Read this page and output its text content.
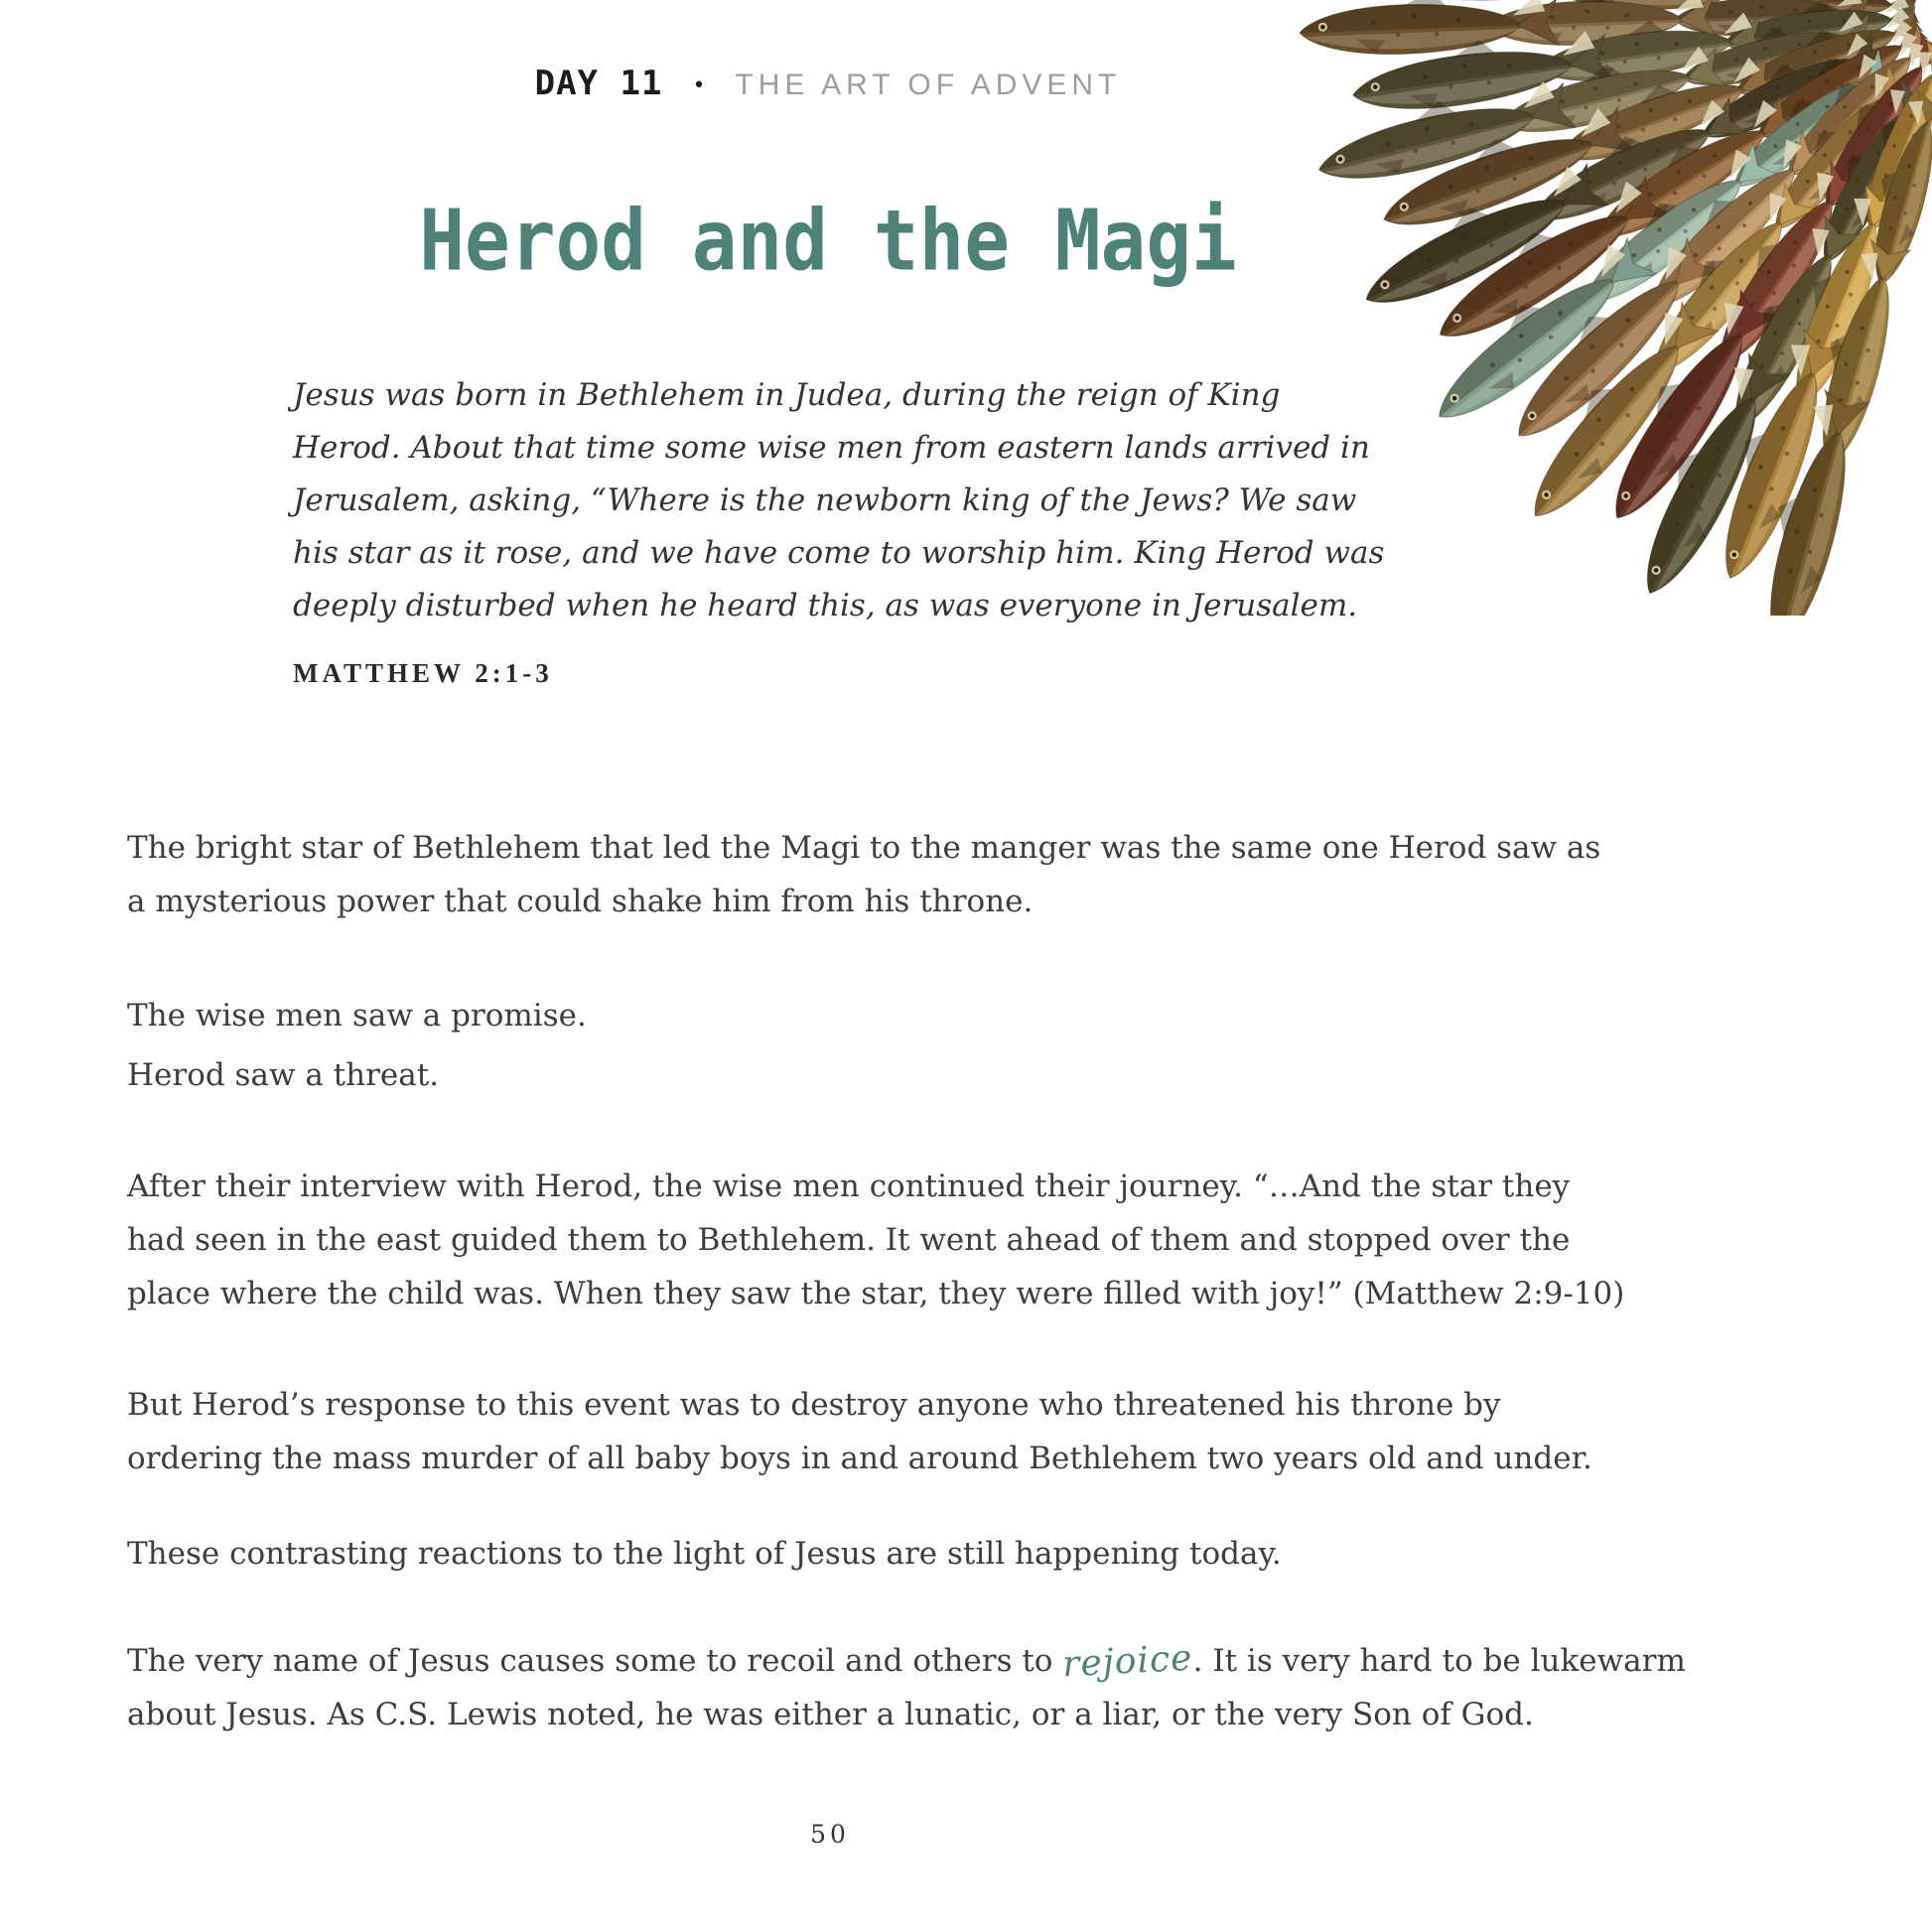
DAY 11 • THE ART OF ADVENT
Herod and the Magi
Jesus was born in Bethlehem in Judea, during the reign of King
Herod. About that time some wise men from eastern lands arrived in
Jerusalem, asking, “Where is the newborn king of the Jews? We saw
his star as it rose, and we have come to worship him. King Herod was
deeply disturbed when he heard this, as was everyone in Jerusalem.
MATTHEW 2:1-3
The bright star of Bethlehem that led the Magi to the manger was the same one Herod saw as
a mysterious power that could shake him from his throne.
The wise men saw a promise.
Herod saw a threat.
After their interview with Herod, the wise men continued their journey. “…And the star they
had seen in the east guided them to Bethlehem. It went ahead of them and stopped over the
place where the child was. When they saw the star, they were filled with joy!” (Matthew 2:9-10)
But Herod’s response to this event was to destroy anyone who threatened his throne by
ordering the mass murder of all baby boys in and around Bethlehem two years old and under.
These contrasting reactions to the light of Jesus are still happening today.
The very name of Jesus causes some to recoil and others to rejoice. It is very hard to be lukewarm
about Jesus. As C.S. Lewis noted, he was either a lunatic, or a liar, or the very Son of God.
50
